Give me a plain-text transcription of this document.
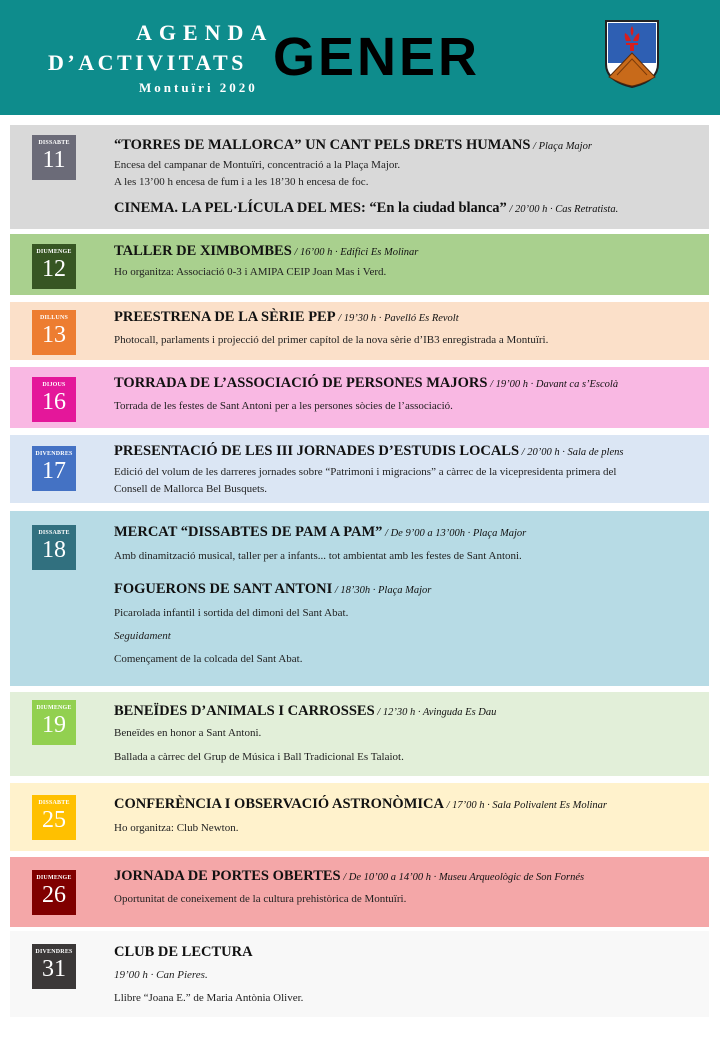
AGENDA
D’ACTIVITATS
Montuïri 2020
GENER
DISSABTE
11
“TORRES DE MALLORCA” UN CANT PELS DRETS HUMANS / Plaça Major
Encesa del campanar de Montuïri, concentració a la Plaça Major.
A les 13’00 h encesa de fum i a les 18’30 h encesa de foc.
CINEMA. LA PEL·LÍCULA DEL MES: “En la ciudad blanca” / 20’00 h · Cas Retratista.
DIUMENGE
12
TALLER DE XIMBOMBES / 16’00 h · Edifici Es Molinar
Ho organitza: Associació 0-3 i AMIPA CEIP Joan Mas i Verd.
DILLUNS
13
PREESTRENA DE LA SÈRIE PEP / 19’30 h · Pavelló Es Revolt
Photocall, parlaments i projecció del primer capítol de la nova sèrie d’IB3 enregistrada a Montuïri.
DIJOUS
16
TORRADA DE L’ASSOCIACIÓ DE PERSONES MAJORS / 19’00 h · Davant ca s’Escolà
Torrada de les festes de Sant Antoni per a les persones sòcies de l’associació.
DIVENDRES
17
PRESENTACIÓ DE LES III JORNADES D’ESTUDIS LOCALS / 20’00 h · Sala de plens
Edició del volum de les darreres jornades sobre “Patrimoni i migracions” a càrrec de la vicepresidenta primera del
Consell de Mallorca Bel Busquets.
DISSABTE
18
MERCAT “DISSABTES DE PAM A PAM” / De 9’00 a 13’00h · Plaça Major
Amb dinamització musical, taller per a infants... tot ambientat amb les festes de Sant Antoni.
FOGUERONS DE SANT ANTONI / 18’30h · Plaça Major
Picarolada infantil i sortida del dimoni del Sant Abat.
Seguidament
Començament de la colcada del Sant Abat.
DIUMENGE
19
BENEÏDES D’ANIMALS I CARROSSES / 12’30 h · Avinguda Es Dau
Beneïdes en honor a Sant Antoni.
Ballada a càrrec del Grup de Música i Ball Tradicional Es Talaiot.
DISSABTE
25
CONFERÈNCIA I OBSERVACIÓ ASTRONÒMICA / 17’00 h · Sala Polivalent Es Molinar
Ho organitza: Club Newton.
DIUMENGE
26
JORNADA DE PORTES OBERTES / De 10’00 a 14’00 h · Museu Arqueològic de Son Fornés
Oportunitat de coneixement de la cultura prehistòrica de Montuïri.
DIVENDRES
31
CLUB DE LECTURA
19’00 h · Can Pieres.
Llibre “Joana E.” de Maria Antònia Oliver.
